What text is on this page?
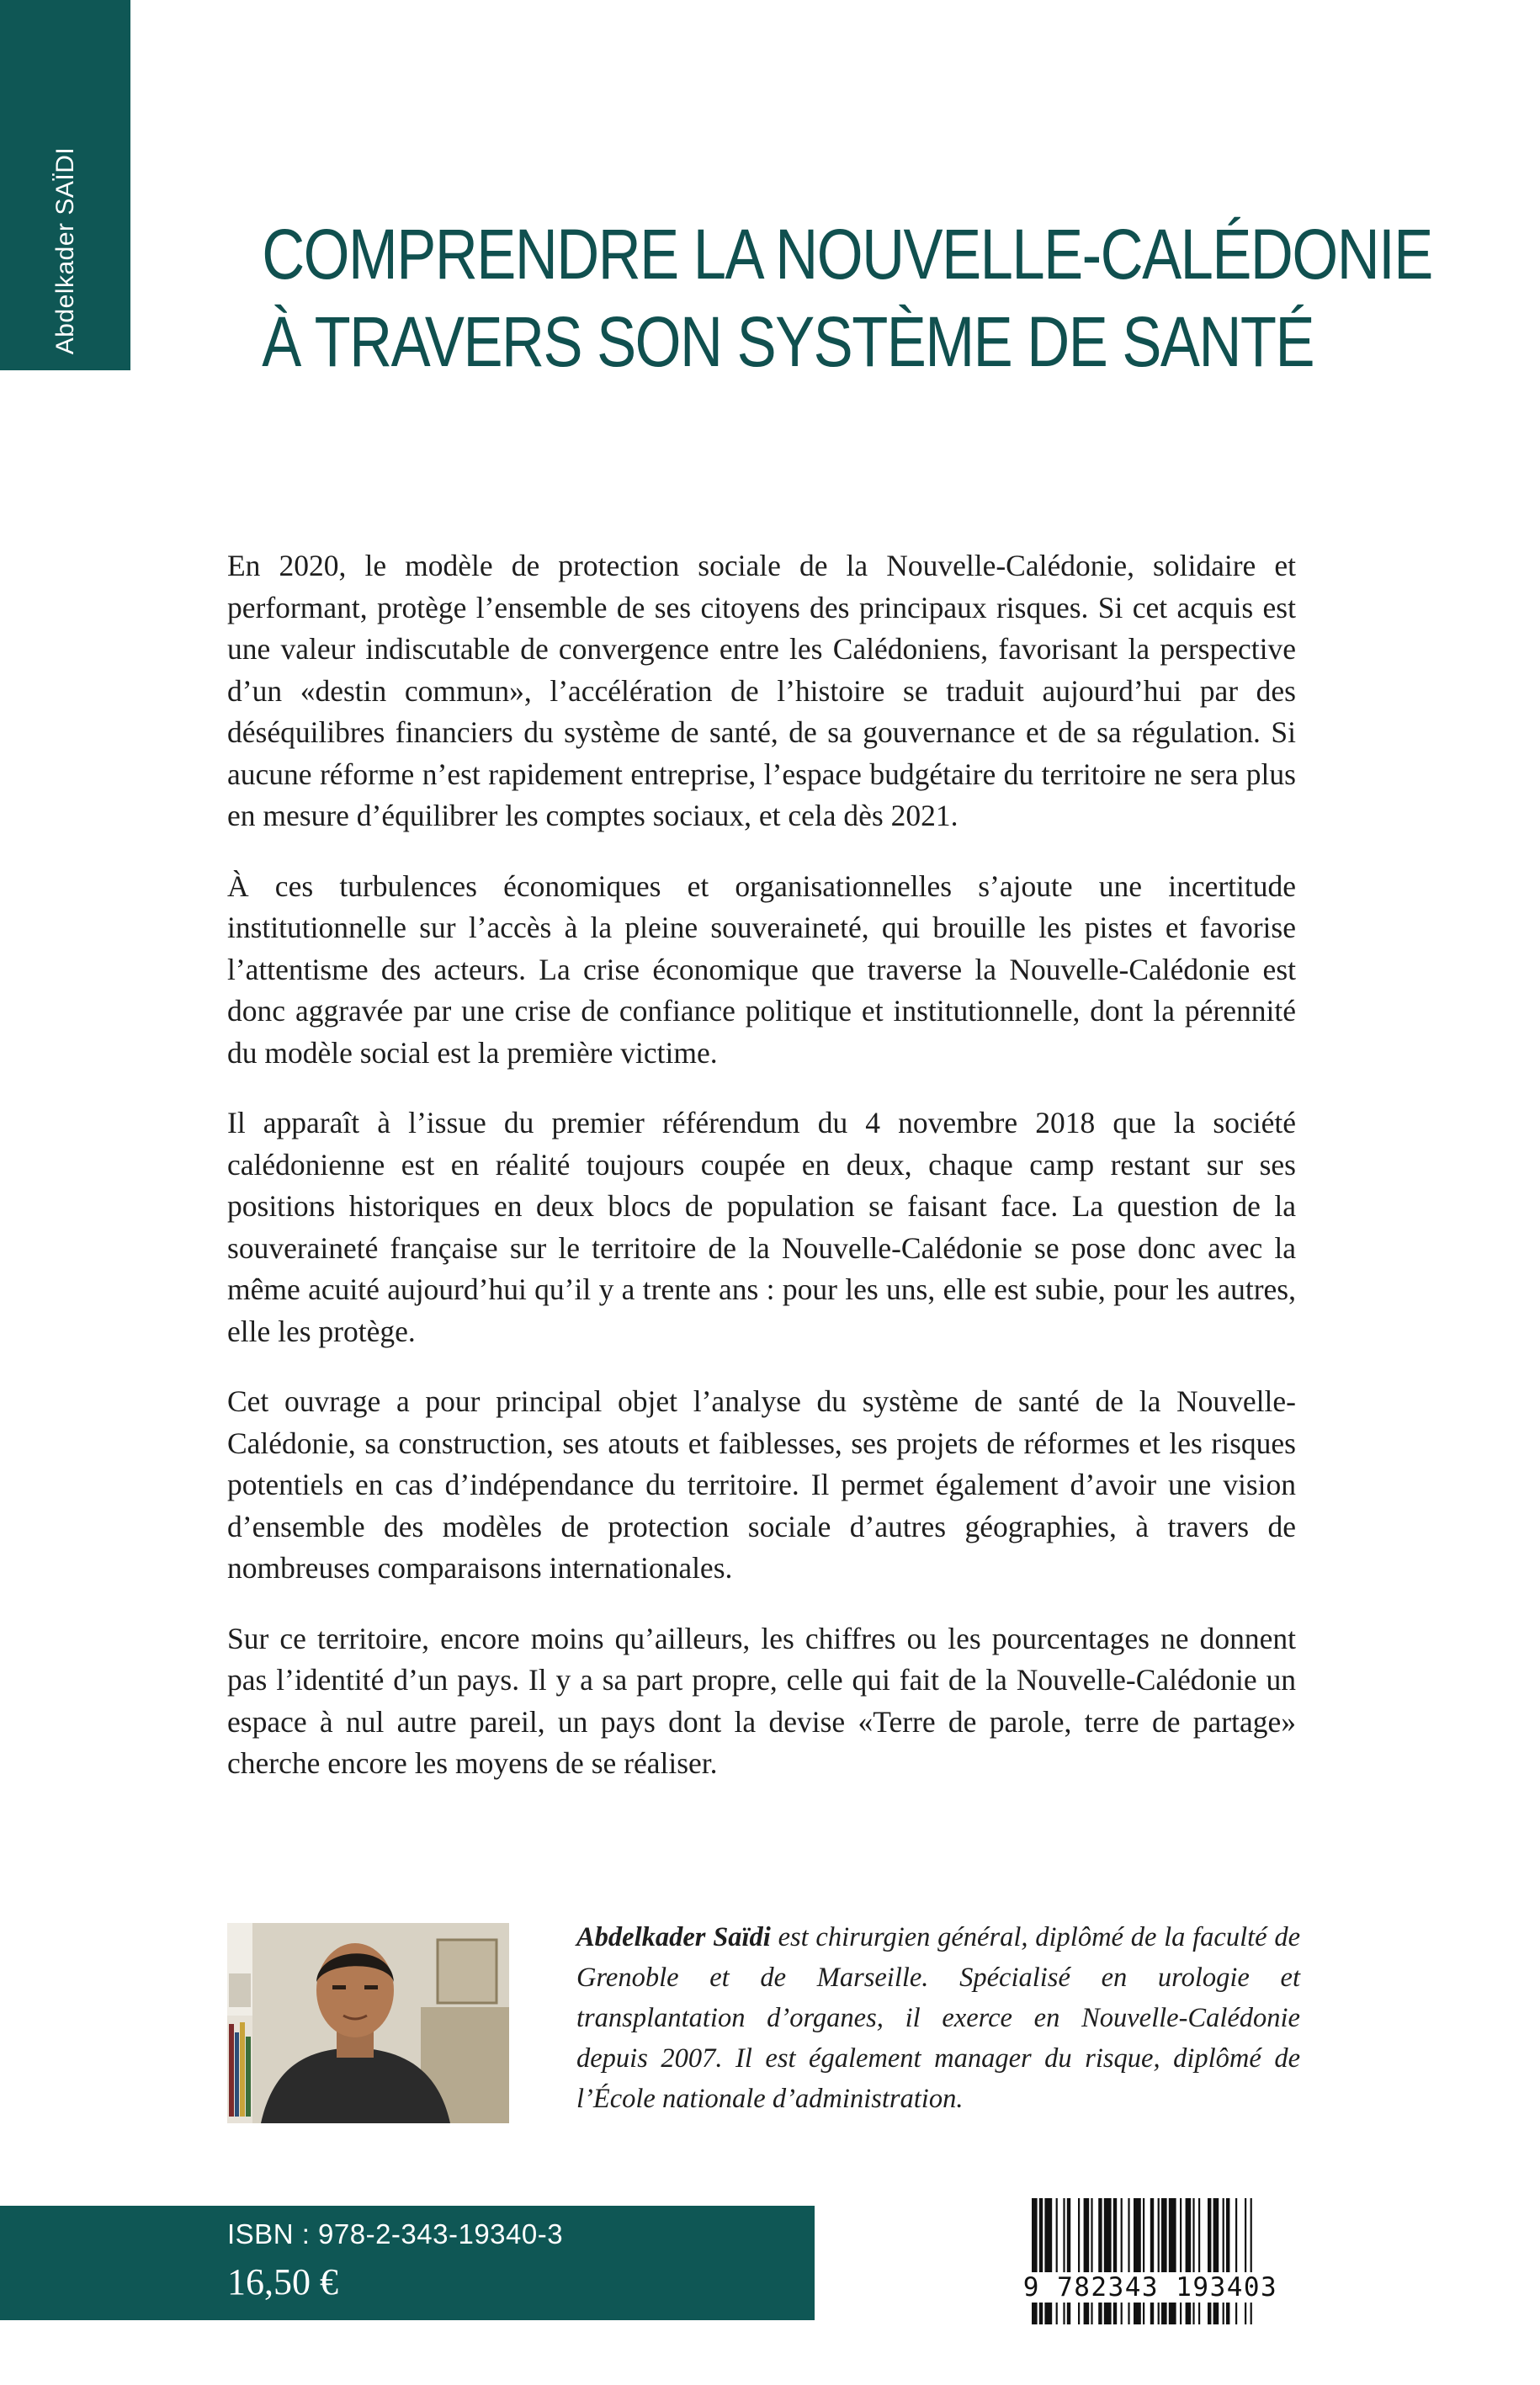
Abdelkader SAÏDI	COMPRENDRE LA NOUVELLE-CALÉDONIE
À TRAVERS SON SYSTÈME DE SANTÉ

En 2020, le modèle de protection sociale de la Nouvelle-Calédonie, solidaire et performant, protège l’ensemble de ses citoyens des principaux risques. Si cet acquis est une valeur indiscutable de convergence entre les Calédoniens, favorisant la perspective d’un «destin commun», l’accélération de l’histoire se traduit aujourd’hui par des déséquilibres financiers du système de santé, de sa gouvernance et de sa régulation. Si aucune réforme n’est rapidement entreprise, l’espace budgétaire du territoire ne sera plus en mesure d’équilibrer les comptes sociaux, et cela dès 2021.

À ces turbulences économiques et organisationnelles s’ajoute une incertitude institutionnelle sur l’accès à la pleine souveraineté, qui brouille les pistes et favorise l’attentisme des acteurs. La crise économique que traverse la Nouvelle-Calédonie est donc aggravée par une crise de confiance politique et institutionnelle, dont la pérennité du modèle social est la première victime.

Il apparaît à l’issue du premier référendum du 4 novembre 2018 que la société calédonienne est en réalité toujours coupée en deux, chaque camp restant sur ses positions historiques en deux blocs de population se faisant face. La question de la souveraineté française sur le territoire de la Nouvelle-Calédonie se pose donc avec la même acuité aujourd’hui qu’il y a trente ans : pour les uns, elle est subie, pour les autres, elle les protège.

Cet ouvrage a pour principal objet l’analyse du système de santé de la Nouvelle-Calédonie, sa construction, ses atouts et faiblesses, ses projets de réformes et les risques potentiels en cas d’indépendance du territoire. Il permet également d’avoir une vision d’ensemble des modèles de protection sociale d’autres géographies, à travers de nombreuses comparaisons internationales.

Sur ce territoire, encore moins qu’ailleurs, les chiffres ou les pourcentages ne donnent pas l’identité d’un pays. Il y a sa part propre, celle qui fait de la Nouvelle-Calédonie un espace à nul autre pareil, un pays dont la devise «Terre de parole, terre de partage» cherche encore les moyens de se réaliser.

Abdelkader Saïdi est chirurgien général, diplômé de la faculté de Grenoble et de Marseille. Spécialisé en urologie et transplantation d’organes, il exerce en Nouvelle-Calédonie depuis 2007. Il est également manager du risque, diplômé de l’École nationale d’administration.

ISBN : 978-2-343-19340-3
16,50 €	9 782343 193403
